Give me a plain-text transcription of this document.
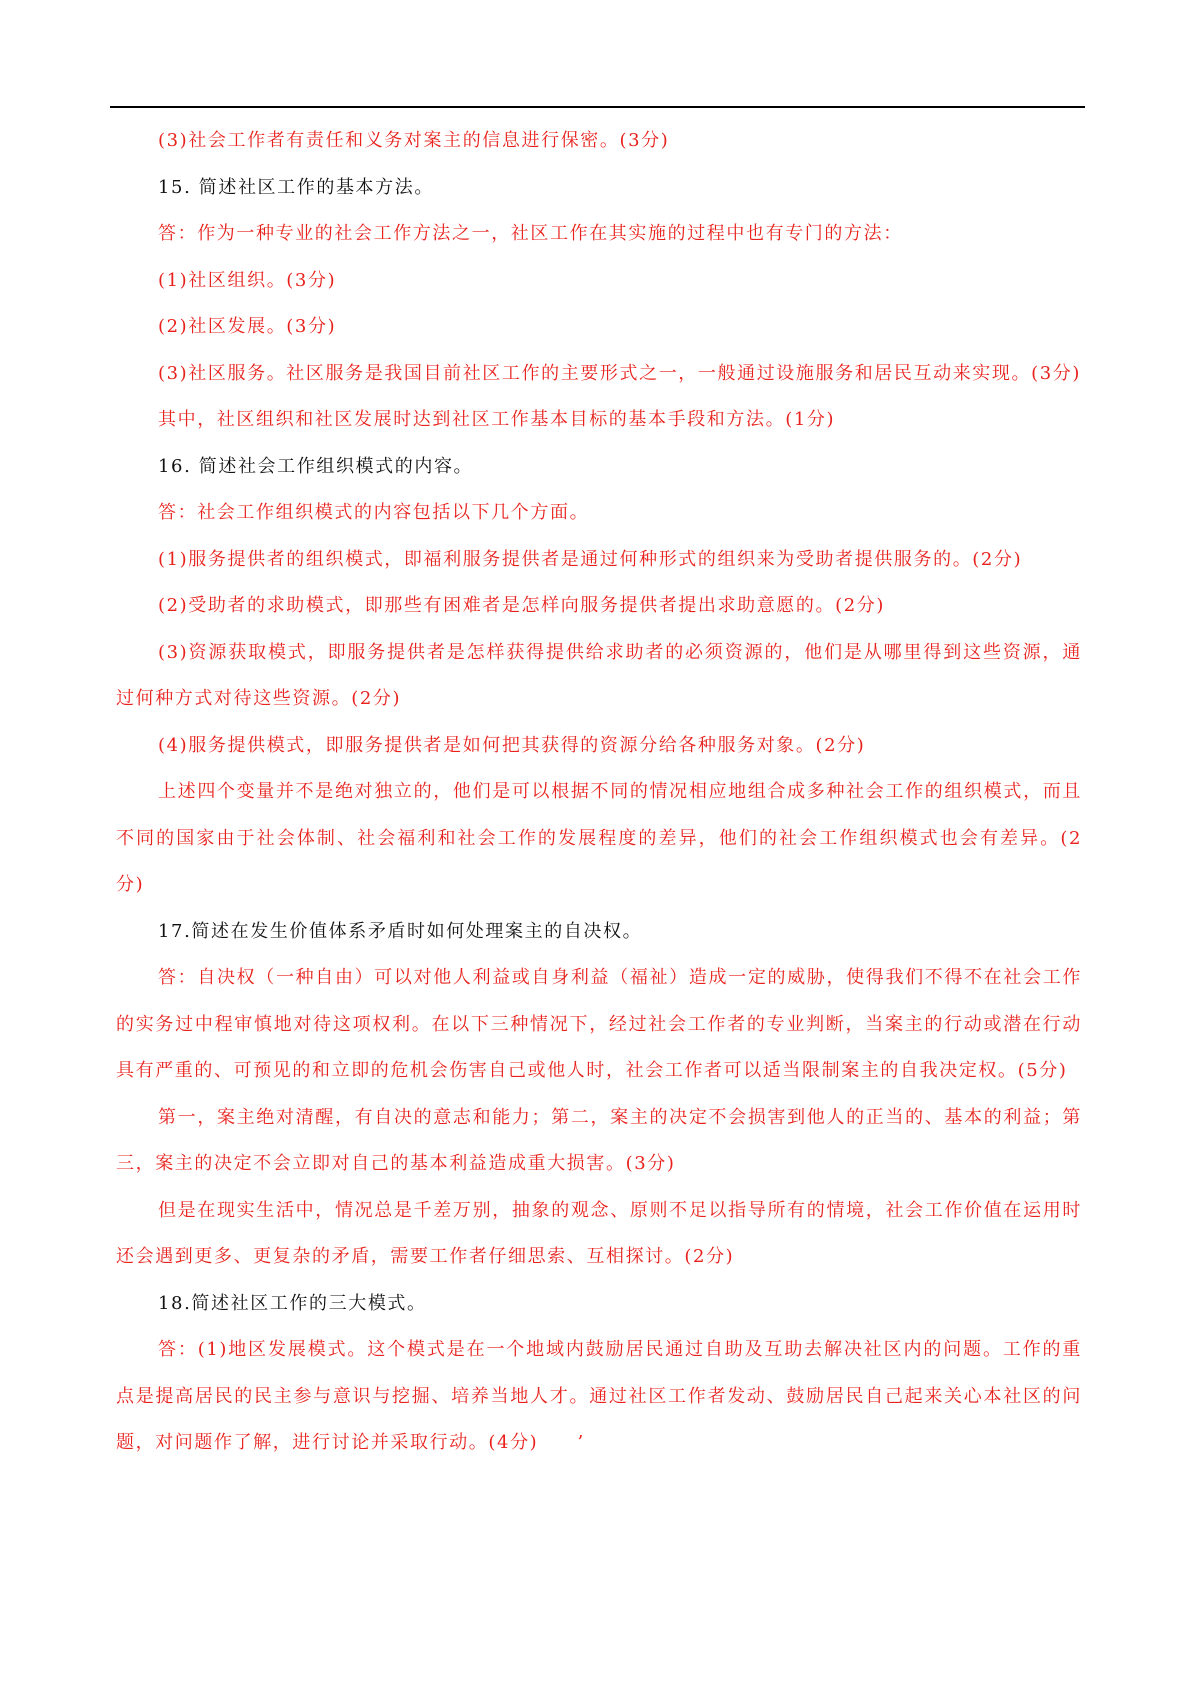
(3)社会工作者有责任和义务对案主的信息进行保密。(3分)

15. 简述社区工作的基本方法。

答：作为一种专业的社会工作方法之一，社区工作在其实施的过程中也有专门的方法：

(1)社区组织。(3分)

(2)社区发展。(3分)

(3)社区服务。社区服务是我国目前社区工作的主要形式之一，一般通过设施服务和居民互动来实现。(3分)

其中，社区组织和社区发展时达到社区工作基本目标的基本手段和方法。(1分)

16. 简述社会工作组织模式的内容。

答：社会工作组织模式的内容包括以下几个方面。

(1)服务提供者的组织模式，即福利服务提供者是通过何种形式的组织来为受助者提供服务的。(2分)

(2)受助者的求助模式，即那些有困难者是怎样向服务提供者提出求助意愿的。(2分)

(3)资源获取模式，即服务提供者是怎样获得提供给求助者的必须资源的，他们是从哪里得到这些资源，通过何种方式对待这些资源。(2分)

(4)服务提供模式，即服务提供者是如何把其获得的资源分给各种服务对象。(2分)

上述四个变量并不是绝对独立的，他们是可以根据不同的情况相应地组合成多种社会工作的组织模式，而且不同的国家由于社会体制、社会福利和社会工作的发展程度的差异，他们的社会工作组织模式也会有差异。(2分)

17.简述在发生价值体系矛盾时如何处理案主的自决权。

答：自决权（一种自由）可以对他人利益或自身利益（福祉）造成一定的威胁，使得我们不得不在社会工作的实务过中程审慎地对待这项权利。在以下三种情况下，经过社会工作者的专业判断，当案主的行动或潜在行动具有严重的、可预见的和立即的危机会伤害自己或他人时，社会工作者可以适当限制案主的自我决定权。(5分)

第一，案主绝对清醒，有自决的意志和能力；第二，案主的决定不会损害到他人的正当的、基本的利益；第三，案主的决定不会立即对自己的基本利益造成重大损害。(3分)

但是在现实生活中，情况总是千差万别，抽象的观念、原则不足以指导所有的情境，社会工作价值在运用时还会遇到更多、更复杂的矛盾，需要工作者仔细思索、互相探讨。(2分)

18.简述社区工作的三大模式。

答：(1)地区发展模式。这个模式是在一个地域内鼓励居民通过自助及互助去解决社区内的问题。工作的重点是提高居民的民主参与意识与挖掘、培养当地人才。通过社区工作者发动、鼓励居民自己起来关心本社区的问题，对问题作了解，进行讨论并采取行动。(4分)　　’
